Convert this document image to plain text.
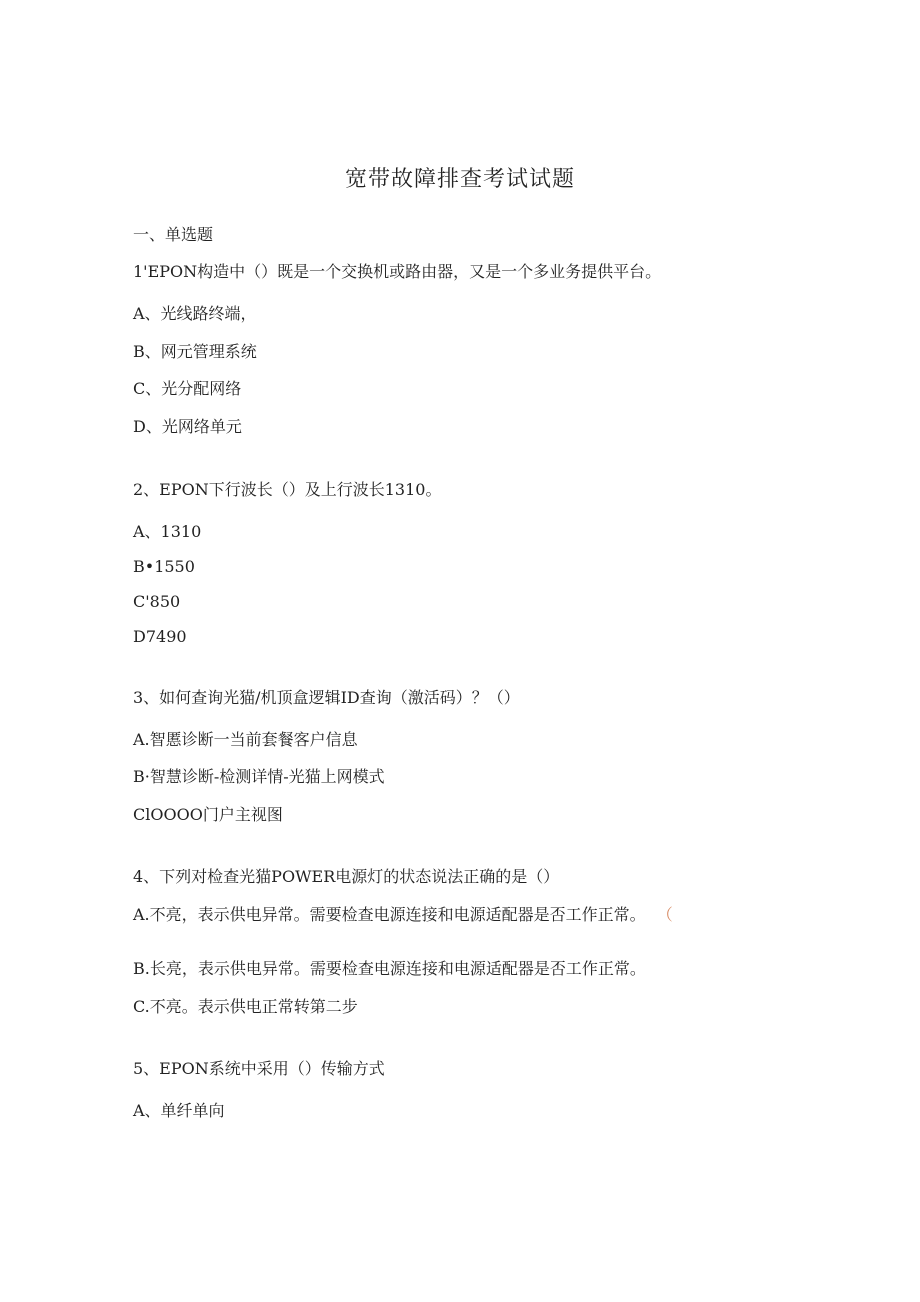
宽带故障排查考试试题
一、单选题
1'EPON构造中（）既是一个交换机或路由器，又是一个多业务提供平台。
A、光线路终端，
B、网元管理系统
C、光分配网络
D、光网络单元
2、EPON下行波长（）及上行波长1310。
A、1310
B•1550
C'850
D7490
3、如何查询光猫/机顶盒逻辑ID查询（激活码）？（）
A.智慝诊断一当前套餐客户信息
B·智慧诊断-检测详情-光猫上网模式
ClOOOO门户主视图
4、下列对检查光猫POWER电源灯的状态说法正确的是（）
A.不亮，表示供电异常。需要检查电源连接和电源适配器是否工作正常。 （
B.长亮，表示供电异常。需要检查电源连接和电源适配器是否工作正常。
C.不亮。表示供电正常转第二步
5、EPON系统中采用（）传输方式
A、单纤单向
